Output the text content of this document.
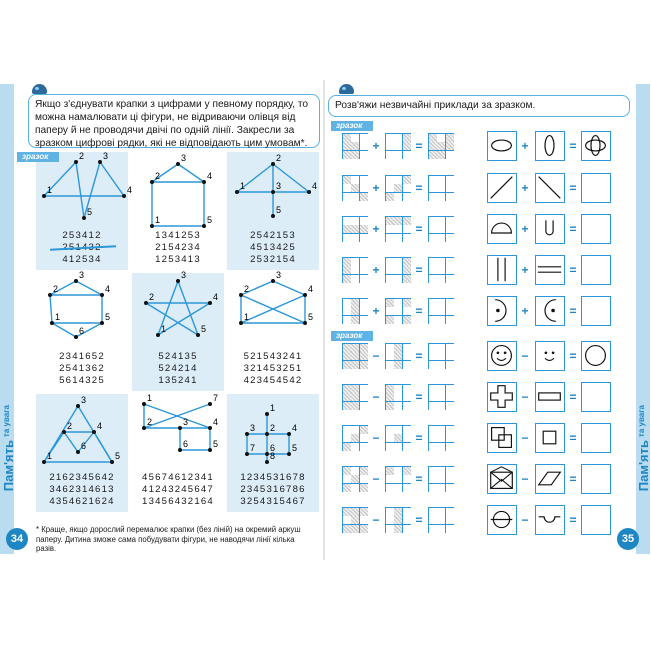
Пам'ять
та увага
34
Якщо з'єднувати крапки з цифрами у певному порядку, то можна намалювати ці фігури, не відриваючи олівця від паперу й не проводячи двічі по одній лінії. Закресли за зразком цифрові рядки, які не відповідають цим умовам*.
1
2 3
4
5
253412
412534
1
2
3
4
5
1341253
2154234
1253413
1
2
3	4
5
2542153
4513425
2532154
1
2
3
4
5
6
2341652
2541362
5614325
1
2
3
4
5
524135
524214
135241
1
2
3
4
5
521543241
321453251
423454542
1
2
3
4
5
6
2162345642
3462314613
4354621624
1
2	3	4
5
6
7
45674612341
41243245647
13456432164
1
2
3	4
5
6
7
8
1234531678
2345316786
3254315467
зразок
* Краще, якщо дорослий перемалює крапки (без ліній) на окремий аркуш паперу. Дитина зможе сама побудувати фігури, не наводячи лінії кілька разів.
Пам'ять
та увага
35
Розв'яжи незвичайні приклади за зразком.
зразок
зразок
+	=	+	=
+	=	+	=
+	=	+	=
+	=	+	=
+	=	+	=
−	=	−	=
−	=	−	=
−	=	−	=
−	=	−	=
−	=	−	=
